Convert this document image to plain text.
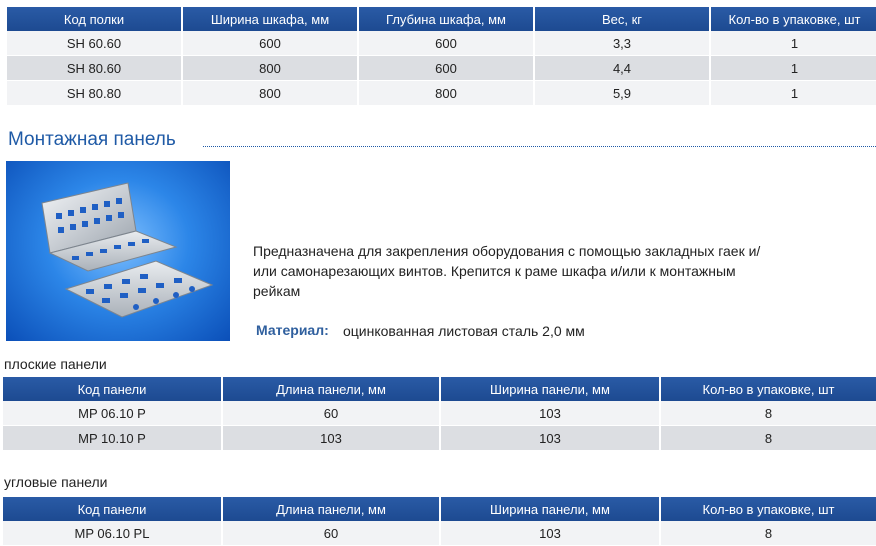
Код полки	Ширина шкафа, мм	Глубина шкафа, мм	Вес, кг	Кол-во в упаковке, шт
SH 60.60	600	600	3,3	1
SH 80.60	800	600	4,4	1
SH 80.80	800	800	5,9	1
Монтажная панель
Предназначена для закрепления оборудования с помощью закладных гаек и/или самонарезающих винтов. Крепится к раме шкафа и/или к монтажным рейкам
Материал: оцинкованная листовая сталь 2,0 мм
плоские панели
Код панели	Длина панели, мм	Ширина панели, мм	Кол-во в упаковке, шт
MP 06.10 P	60	103	8
MP 10.10 P	103	103	8
угловые панели
Код панели	Длина панели, мм	Ширина панели, мм	Кол-во в упаковке, шт
MP 06.10 PL	60	103	8
